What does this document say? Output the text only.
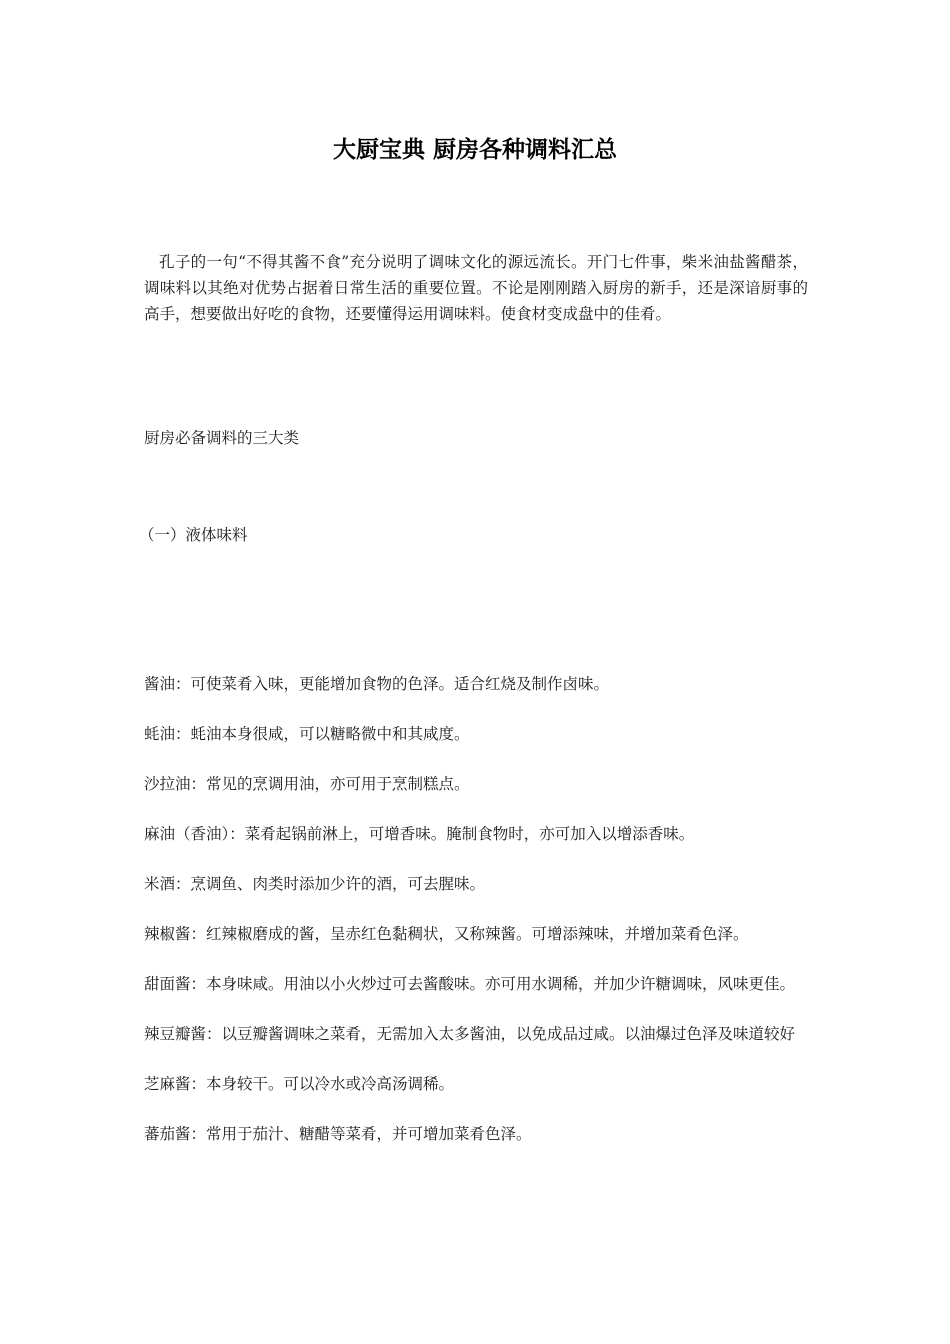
大厨宝典 厨房各种调料汇总

孔子的一句“不得其酱不食”充分说明了调味文化的源远流长。开门七件事，柴米油盐酱醋茶，调味料以其绝对优势占据着日常生活的重要位置。不论是刚刚踏入厨房的新手，还是深谙厨事的高手，想要做出好吃的食物，还要懂得运用调味料。使食材变成盘中的佳肴。

厨房必备调料的三大类
（一）液体味料

酱油：可使菜肴入味，更能增加食物的色泽。适合红烧及制作卤味。

蚝油：蚝油本身很咸，可以糖略微中和其咸度。

沙拉油：常见的烹调用油，亦可用于烹制糕点。

麻油（香油）：菜肴起锅前淋上，可增香味。腌制食物时，亦可加入以增添香味。

米酒：烹调鱼、肉类时添加少许的酒，可去腥味。

辣椒酱：红辣椒磨成的酱，呈赤红色黏稠状，又称辣酱。可增添辣味，并增加菜肴色泽。

甜面酱：本身味咸。用油以小火炒过可去酱酸味。亦可用水调稀，并加少许糖调味，风味更佳。

辣豆瓣酱：以豆瓣酱调味之菜肴，无需加入太多酱油，以免成品过咸。以油爆过色泽及味道较好

芝麻酱：本身较干。可以冷水或冷高汤调稀。

蕃茄酱：常用于茄汁、糖醋等菜肴，并可增加菜肴色泽。
